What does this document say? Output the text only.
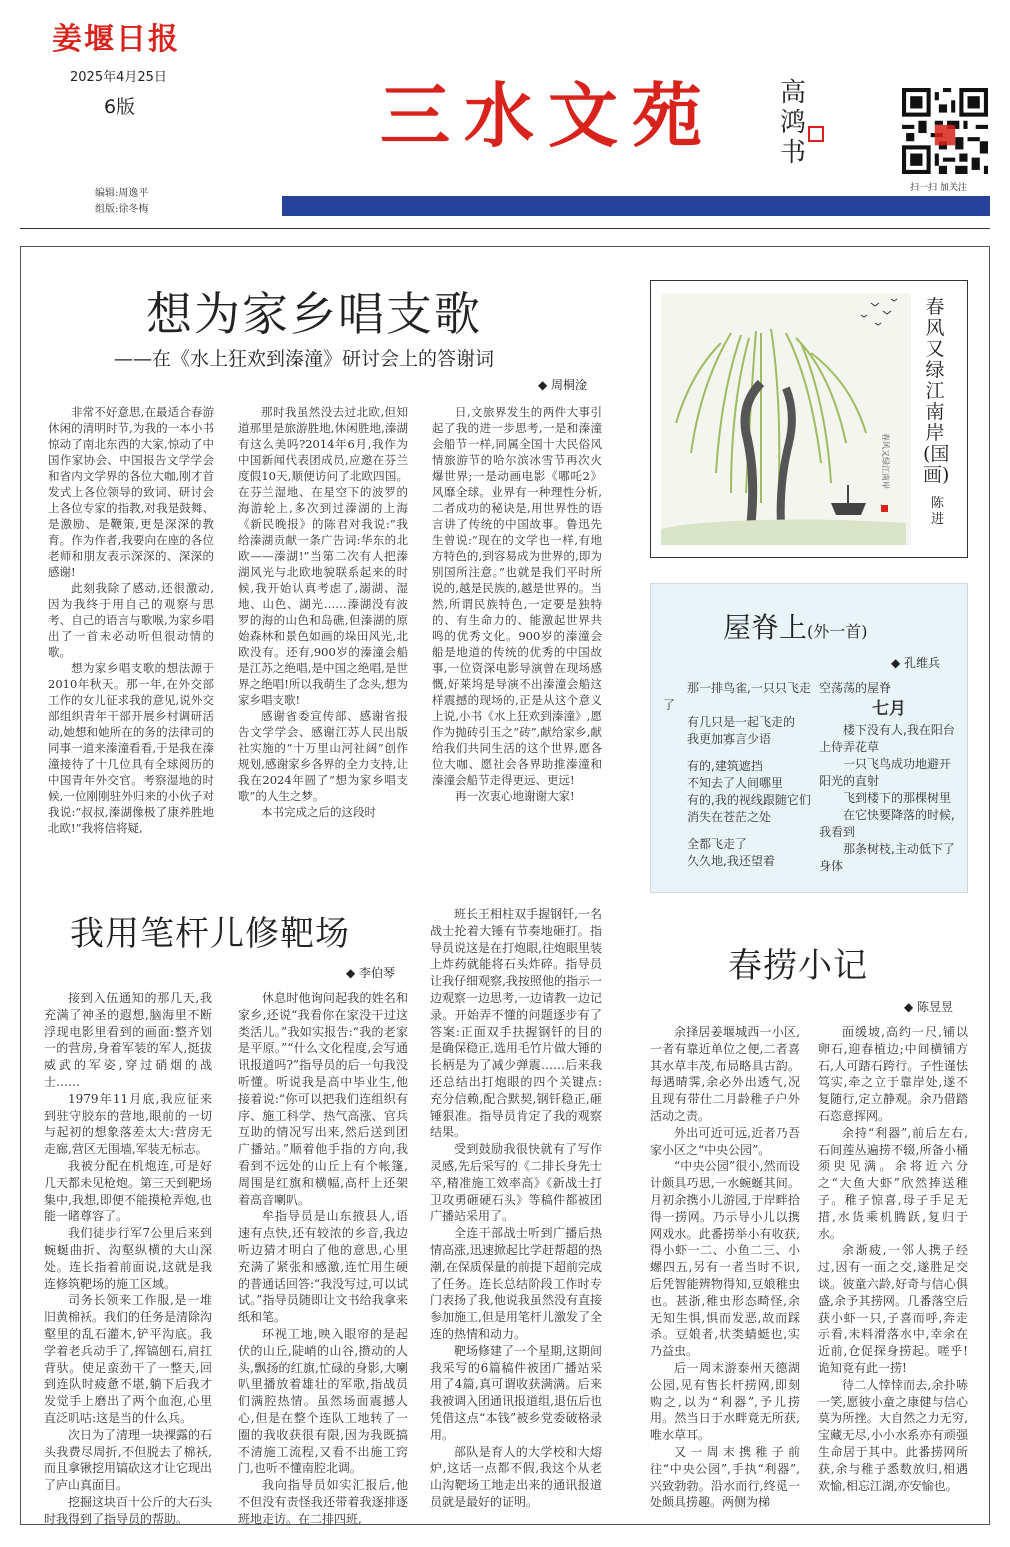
姜堰日报
2025年4月25日
6版	三水文苑 高鸿书
扫一扫 加关注
编辑:周逸平
组版:徐冬梅
想为家乡唱支歌
——在《水上狂欢到溱潼》研讨会上的答谢词
◆ 周桐淦

非常不好意思,在最适合春游休闲的清明时节,为我的一本小书惊动了南北东西的大家,惊动了中国作家协会、中国报告文学学会和省内文学界的各位大咖,刚才首发式上各位领导的致词、研讨会上各位专家的指教,对我是鼓舞、是激励、是鞭策,更是深深的教育。作为作者,我要向在座的各位老师和朋友表示深深的、深深的感谢!

此刻我除了感动,还很激动,因为我终于用自己的观察与思考、自己的语言与歌喉,为家乡唱出了一首未必动听但很动情的歌。

想为家乡唱支歌的想法源于2010年秋天。那一年,在外交部工作的女儿征求我的意见,说外交部组织青年干部开展乡村调研活动,她想和她所在的务的法律司的同事一道来溱潼看看,于是我在溱潼接待了十几位具有全球阅历的中国青年外交官。考察湿地的时候,一位刚刚驻外归来的小伙子对我说:“叔叔,溱湖像极了康养胜地北欧!”我将信将疑,

那时我虽然没去过北欧,但知道那里是旅游胜地,休闲胜地,溱湖有这么美吗?2014年6月,我作为中国新闻代表团成员,应邀在芬兰度假10天,顺便访问了北欧四国。在芬兰湿地、在星空下的波罗的海游轮上,多次到过溱湖的上海《新民晚报》的陈君对我说:“我给溱湖贡献一条广告词:华东的北欧——溱湖!”当第二次有人把溱湖风光与北欧地貌联系起来的时候,我开始认真考虑了,溺湖、湿地、山色、湖光……溱湖没有波罗的海的山色和岛礁,但溱湖的原始森林和景色如画的垛田风光,北欧没有。还有,900岁的溱潼会船是江苏之绝唱,是中国之绝唱,是世界之绝唱!所以我萌生了念头,想为家乡唱支歌!

感谢省委宣传部、感谢省报告文学学会、感谢江苏人民出版社实施的“十万里山河社阔”创作规划,感谢家乡各界的全力支持,让我在2024年圆了“想为家乡唱支歌”的人生之梦。

本书完成之后的这段时

日,文旅界发生的两件大事引起了我的进一步思考,一是和溱潼会船节一样,同属全国十大民俗风情旅游节的哈尔滨冰雪节再次火爆世界;一是动画电影《哪吒2》风靡全球。业界有一种理性分析,二者成功的秘诀是,用世界性的语言讲了传统的中国故事。鲁迅先生曾说:“现在的文学也一样,有地方特色的,到容易成为世界的,即为别国所注意。”也就是我们平时所说的,越是民族的,越是世界的。当然,所谓民族特色,一定要是独特的、有生命力的、能激起世界共鸣的优秀文化。900岁的溱潼会船是地道的传统的优秀的中国故事,一位资深电影导演曾在现场感慨,好莱坞是导演不出溱潼会船这样震撼的现场的,正是从这个意义上说,小书《水上狂欢到溱潼》,愿作为抛砖引玉之“砖”,献给家乡,献给我们共同生活的这个世界,愿各位大咖、愿社会各界助推溱潼和溱潼会船节走得更远、更远!

再一次衷心地谢谢大家!

春风又绿江南岸
春风又绿江南岸(国画)
陈进
屋脊上(外一首)
◆ 孔维兵

那一排鸟雀,一只只飞走了

有几只是一起飞走的

我更加寡言少语

有的,建筑遮挡

不知去了人间哪里

有的,我的视线跟随它们

消失在苍茫之处

全都飞走了

久久地,我还望着

空荡荡的屋脊

七月

楼下没有人,我在阳台上侍弄花草

一只飞鸟成功地避开阳光的直射

飞到楼下的那棵树里

在它快要降落的时候,我看到

那条树枝,主动低下了身体

我用笔杆儿修靶场
◆ 李伯琴

接到入伍通知的那几天,我充满了神圣的遐想,脑海里不断浮现电影里看到的画面:整齐划一的营房,身着军装的军人,挺拔威武的军姿,穿过硝烟的战士……

1979年11月底,我应征来到驻守胶东的营地,眼前的一切与起初的想象落差太大:营房无走廊,营区无围墙,军装无标志。

我被分配在机炮连,可是好几天都未见枪炮。第三天到靶场集中,我想,即便不能摸枪弄炮,也能一睹尊容了。

我们徒步行军7公里后来到蜿蜒曲折、沟壑纵横的大山深处。连长指着前面说,这就是我连修筑靶场的施工区域。

司务长领来工作服,是一堆旧黄棉袄。我们的任务是清除沟壑里的乱石灌木,铲平沟底。我学着老兵动手了,挥镐刨石,肩扛背驮。使足蛮劲干了一整天,回到连队时疲惫不堪,躺下后我才发觉手上磨出了两个血泡,心里直泛叽咕:这是当的什么兵。

次日为了清理一块裸露的石头我费尽周折,不但脱去了棉袄,而且拿锹挖用镐砍这才让它现出了庐山真面目。

挖掘这块百十公斤的大石头时我得到了指导员的帮助。

休息时他询问起我的姓名和家乡,还说“我看你在家没干过这类活儿。”我如实报告:“我的老家是平原。”“什么文化程度,会写通讯报道吗?”指导员的后一句我没听懂。听说我是高中毕业生,他接着说:“你可以把我们连组织有序、施工科学、热气高涨、官兵互助的情况写出来,然后送到团广播站。”顺着他手指的方向,我看到不远处的山丘上有个帐篷,周围是红旗和横幅,高杆上还架着高音喇叭。

牟指导员是山东掖县人,语速有点快,还有较浓的乡音,我边听边猜才明白了他的意思,心里充满了紧张和感激,连忙用生硬的普通话回答:“我没写过,可以试试。”指导员随即让文书给我拿来纸和笔。

环视工地,映入眼帘的是起伏的山丘,陡峭的山谷,攒动的人头,飘扬的红旗,忙碌的身影,大喇叭里播放着雄壮的军歌,指战员们满腔热情。虽然场面震撼人心,但是在整个连队工地转了一圈的我收获很有限,因为我既搞不清施工流程,又看不出施工窍门,也听不懂南腔北调。

我向指导员如实汇报后,他不但没有责怪我还带着我逐排逐班地走访。在二排四班,

班长王相柱双手握钢钎,一名战士抡着大锤有节奏地砸打。指导员说这是在打炮眼,往炮眼里装上炸药就能将石头炸碎。指导员让我仔细观察,我按照他的指示一边观察一边思考,一边请教一边记录。开始弄不懂的问题逐步有了答案:正面双手扶握钢钎的目的是确保稳正,选用毛竹片做大锤的长柄是为了减少弹震……后来我还总结出打炮眼的四个关键点:充分信赖,配合默契,钢钎稳正,砸锤狠准。指导员肯定了我的观察结果。

受到鼓励我很快就有了写作灵感,先后采写的《二排长身先士卒,精准施工效率高》《新战士打卫攻勇砸硬石头》等稿件都被团广播站采用了。

全连干部战士听到广播后热情高涨,迅速掀起比学赶帮超的热潮,在保质保量的前提下超前完成了任务。连长总结阶段工作时专门表扬了我,他说我虽然没有直接参加施工,但是用笔杆儿激发了全连的热情和动力。

靶场修建了一个星期,这期间我采写的6篇稿件被团广播站采用了4篇,真可谓收获满满。后来我被调入团通讯报道组,退伍后也凭借这点“本钱”被乡党委破格录用。

部队是育人的大学校和大熔炉,这话一点都不假,我这个从老山沟靶场工地走出来的通讯报道员就是最好的证明。

春捞小记
◆ 陈昱昱

余择居姜堰城西一小区,一者有靠近单位之便,二者喜其水草丰茂,布局略具古韵。每遇晴霁,余必外出透气,况且现有带仕二月龄稚子户外活动之责。

外出可近可远,近者乃吾家小区之“中央公园”。

“中央公园”很小,然而设计颇具巧思,一水蜿蜒其间。月初余携小儿游园,于岸畔拾得一捞网。乃示导小儿以携网戏水。此番捞举小有收获,得小虾一二、小鱼二三、小螺四五,另有一者当时不识,后凭智能辨物得知,豆娘稚虫也。甚浙,稚虫形态畸怪,余无知生惧,惧而发恶,故而踩杀。豆娘者,状类蜻蜓也,实乃益虫。

后一周末游泰州天德湖公园,见有售长杆捞网,即刻购之,以为“利器”,予儿捞用。然当日于水畔竟无所获,唯水草耳。

又一周末携稚子前往“中央公园”,手执“利器”,兴致勃勃。沿水而行,终觅一处颇具捞趣。两侧为梯

面缓坡,高约一尺,铺以卵石,迎春植边;中间横铺方石,人可踏石跨行。子性谨怯笃实,牵之立于靠岸处,遂不复随行,定立静观。余乃借踏石恣意挥网。

余持“利器”,前后左右,石间莲丛遍捞不辍,所备小桶须臾见满。余将近六分之“大鱼大虾”欣然捧送稚子。稚子惊喜,母子手足无措,水货乘机腾跃,复归于水。

余渐疲,一邻人携子经过,因有一面之交,遂胜足交谈。彼童六龄,好奇与信心俱盛,余予其捞网。几番落空后获小虾一只,子喜而呼,奔走示看,未料滑落水中,幸余在近前,仓促探身捞起。嗟乎!诡知竟有此一捞!

待二人悻悻而去,余扑哧一笑,愿彼小童之康健与信心莫为所挫。大自然之力无穷,宝藏无尽,小小水系亦有顽强生命居于其中。此番捞网所获,余与稚子悉数放归,相遇欢愉,相忘江湖,亦安愉也。
